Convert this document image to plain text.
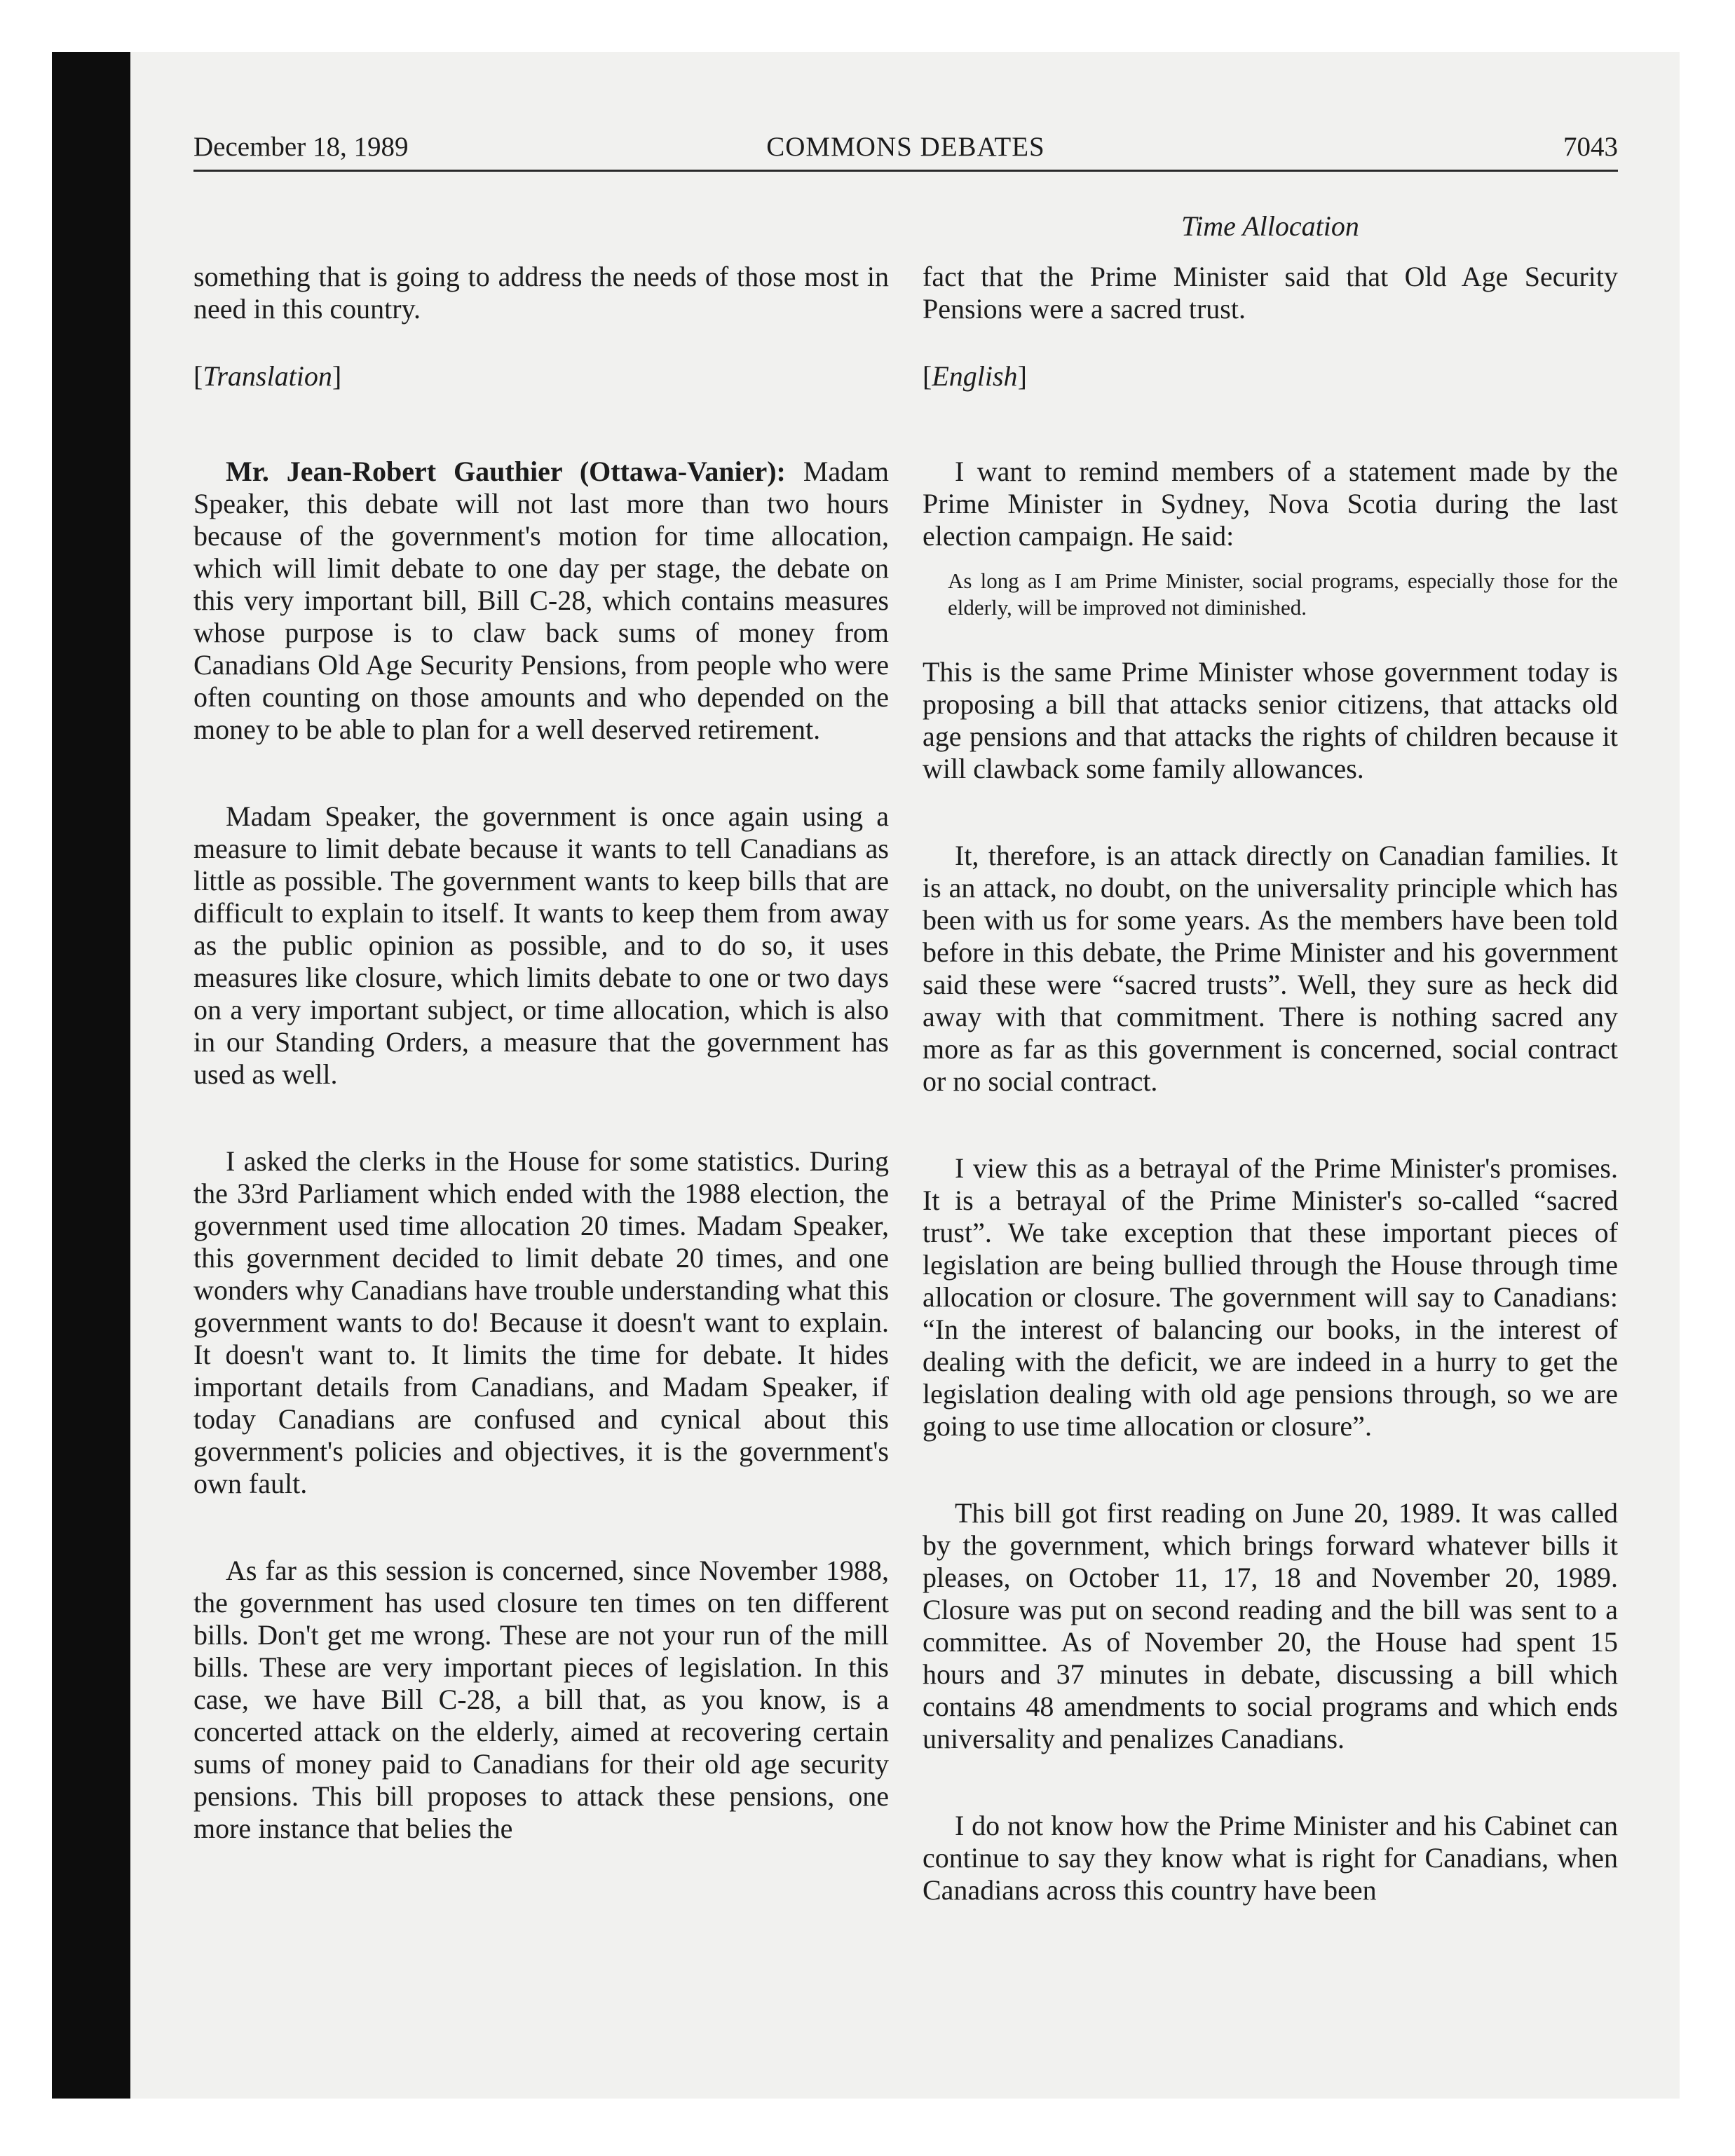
December 18, 1989	COMMONS DEBATES	7043
Time Allocation

something that is going to address the needs of those most in need in this country.

[Translation]

Mr. Jean-Robert Gauthier (Ottawa-Vanier): Madam Speaker, this debate will not last more than two hours because of the government's motion for time allocation, which will limit debate to one day per stage, the debate on this very important bill, Bill C-28, which contains measures whose purpose is to claw back sums of money from Canadians Old Age Security Pensions, from people who were often counting on those amounts and who depended on the money to be able to plan for a well deserved retirement.

Madam Speaker, the government is once again using a measure to limit debate because it wants to tell Canadians as little as possible. The government wants to keep bills that are difficult to explain to itself. It wants to keep them from away as the public opinion as possible, and to do so, it uses measures like closure, which limits debate to one or two days on a very important subject, or time allocation, which is also in our Standing Orders, a measure that the government has used as well.

I asked the clerks in the House for some statistics. During the 33rd Parliament which ended with the 1988 election, the government used time allocation 20 times. Madam Speaker, this government decided to limit debate 20 times, and one wonders why Canadians have trouble understanding what this government wants to do! Because it doesn't want to explain. It doesn't want to. It limits the time for debate. It hides important details from Canadians, and Madam Speaker, if today Canadians are confused and cynical about this government's policies and objectives, it is the government's own fault.

As far as this session is concerned, since November 1988, the government has used closure ten times on ten different bills. Don't get me wrong. These are not your run of the mill bills. These are very important pieces of legislation. In this case, we have Bill C-28, a bill that, as you know, is a concerted attack on the elderly, aimed at recovering certain sums of money paid to Canadians for their old age security pensions. This bill proposes to attack these pensions, one more instance that belies the

fact that the Prime Minister said that Old Age Security Pensions were a sacred trust.

[English]

I want to remind members of a statement made by the Prime Minister in Sydney, Nova Scotia during the last election campaign. He said:

As long as I am Prime Minister, social programs, especially those for the elderly, will be improved not diminished.

This is the same Prime Minister whose government today is proposing a bill that attacks senior citizens, that attacks old age pensions and that attacks the rights of children because it will clawback some family allowances.

It, therefore, is an attack directly on Canadian families. It is an attack, no doubt, on the universality principle which has been with us for some years. As the members have been told before in this debate, the Prime Minister and his government said these were “sacred trusts”. Well, they sure as heck did away with that commitment. There is nothing sacred any more as far as this government is concerned, social contract or no social contract.

I view this as a betrayal of the Prime Minister's promises. It is a betrayal of the Prime Minister's so-called “sacred trust”. We take exception that these important pieces of legislation are being bullied through the House through time allocation or closure. The government will say to Canadians: “In the interest of balancing our books, in the interest of dealing with the deficit, we are indeed in a hurry to get the legislation dealing with old age pensions through, so we are going to use time allocation or closure”.

This bill got first reading on June 20, 1989. It was called by the government, which brings forward whatever bills it pleases, on October 11, 17, 18 and November 20, 1989. Closure was put on second reading and the bill was sent to a committee. As of November 20, the House had spent 15 hours and 37 minutes in debate, discussing a bill which contains 48 amendments to social programs and which ends universality and penalizes Canadians.

I do not know how the Prime Minister and his Cabinet can continue to say they know what is right for Canadians, when Canadians across this country have been
